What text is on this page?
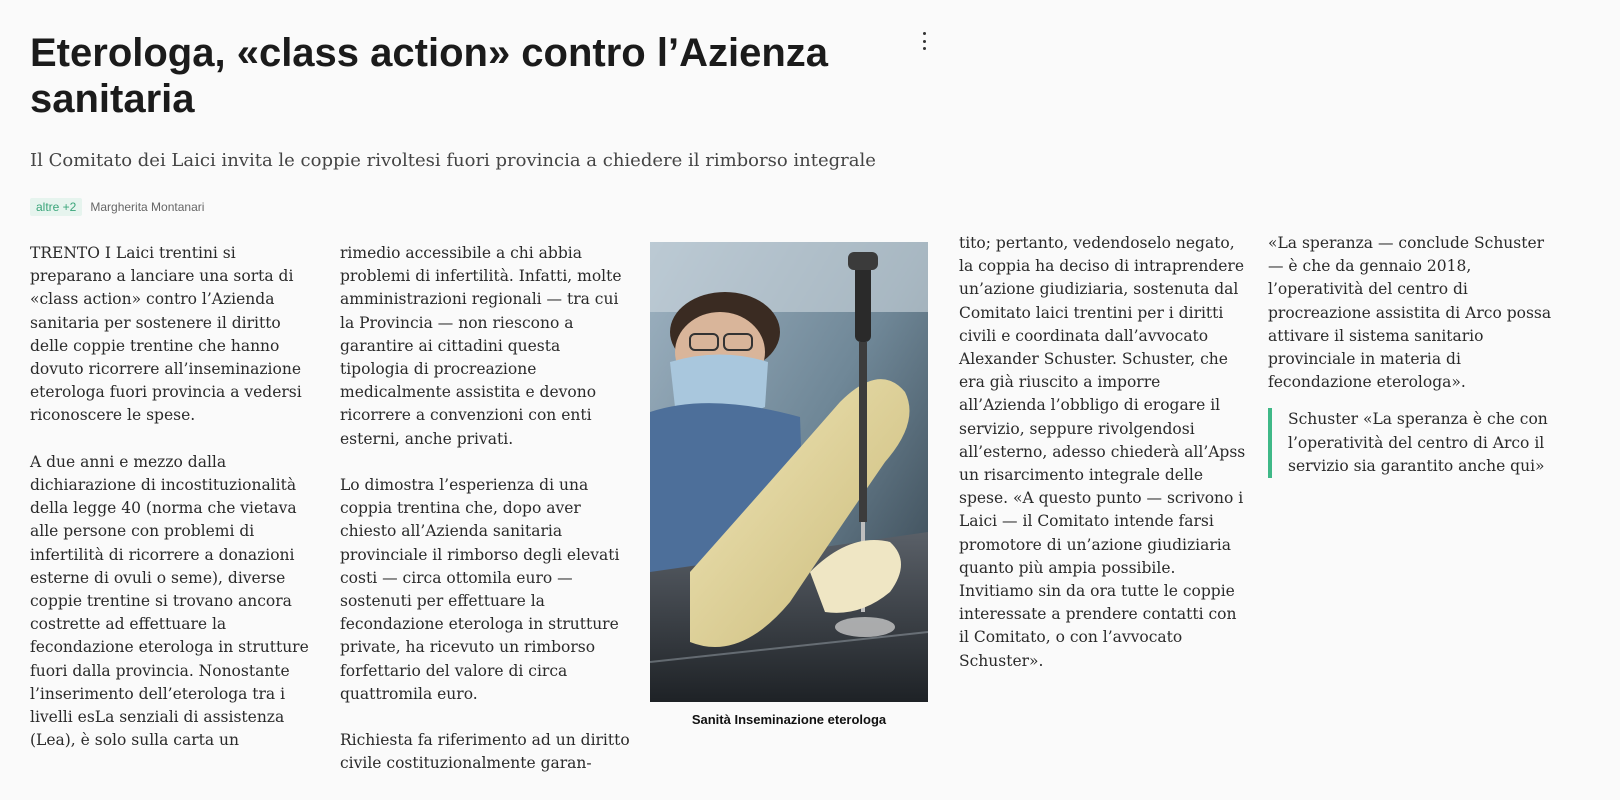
Eterologa, «class action» contro l’Azienza sanitaria

Il Comitato dei Laici invita le coppie rivoltesi fuori provincia a chiedere il rimborso integrale

altre +2	Margherita Montanari

TRENTO I Laici trentini si preparano a lanciare una sorta di «class action» contro l’Azienda sanitaria per sostenere il diritto delle coppie trentine che hanno dovuto ricorrere all’inseminazione eterologa fuori provincia a vedersi riconoscere le spese.

A due anni e mezzo dalla dichiarazione di incostituzionalità della legge 40 (norma che vietava alle persone con problemi di infertilità di ricorrere a donazioni esterne di ovuli o seme), diverse coppie trentine si trovano ancora costrette ad effettuare la fecondazione eterologa in strutture fuori dalla provincia. Nonostante l’inserimento dell’eterologa tra i livelli esLa senziali di assistenza (Lea), è solo sulla carta un

rimedio accessibile a chi abbia problemi di infertilità. Infatti, molte amministrazioni regionali — tra cui la Provincia — non riescono a garantire ai cittadini questa tipologia di procreazione medicalmente assistita e devono ricorrere a convenzioni con enti esterni, anche privati.

Lo dimostra l’esperienza di una coppia trentina che, dopo aver chiesto all’Azienda sanitaria provinciale il rimborso degli elevati costi — circa ottomila euro — sostenuti per effettuare la fecondazione eterologa in strutture private, ha ricevuto un rimborso forfettario del valore di circa quattromila euro.

Richiesta fa riferimento ad un diritto civile costituzionalmente garan-

Sanità Inseminazione eterologa

tito; pertanto, vedendoselo negato, la coppia ha deciso di intraprendere un’azione giudiziaria, sostenuta dal Comitato laici trentini per i diritti civili e coordinata dall’avvocato Alexander Schuster. Schuster, che era già riuscito a imporre all’Azienda l’obbligo di erogare il servizio, seppure rivolgendosi all’esterno, adesso chiederà all’Apss un risarcimento integrale delle spese. «A questo punto — scrivono i Laici — il Comitato intende farsi promotore di un’azione giudiziaria quanto più ampia possibile. Invitiamo sin da ora tutte le coppie interessate a prendere contatti con il Comitato, o con l’avvocato Schuster».

«La speranza — conclude Schuster — è che da gennaio 2018, l’operatività del centro di procreazione assistita di Arco possa attivare il sistema sanitario provinciale in materia di fecondazione eterologa».

Schuster «La speranza è che con l’operatività del centro di Arco il servizio sia garantito anche qui»
